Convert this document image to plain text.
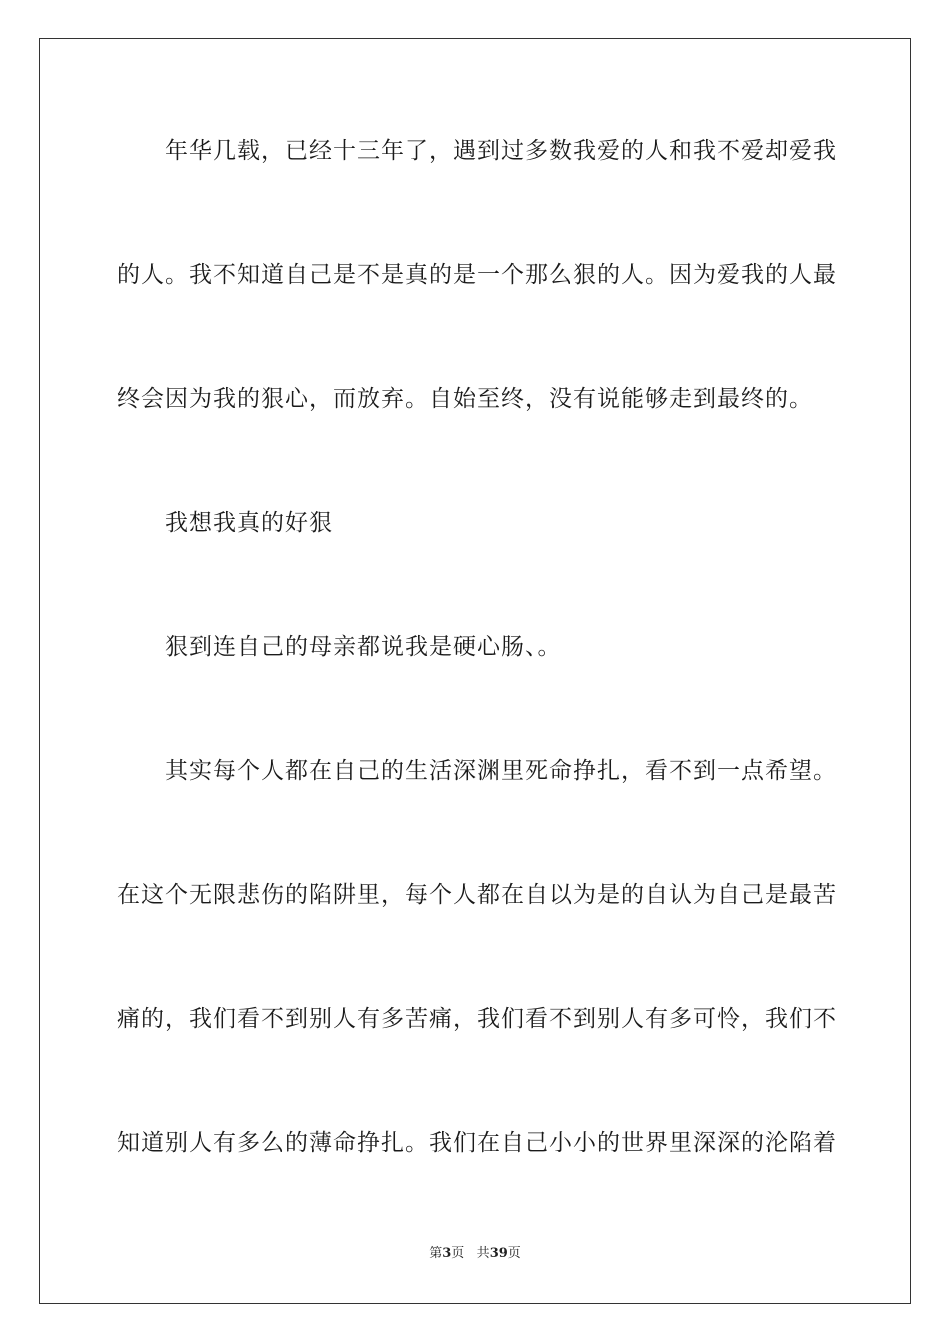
年华几载，已经十三年了，遇到过多数我爱的人和我不爱却爱我
的人。我不知道自己是不是真的是一个那么狠的人。因为爱我的人最
终会因为我的狠心，而放弃。自始至终，没有说能够走到最终的。
我想我真的好狠
狠到连自己的母亲都说我是硬心肠、。
其实每个人都在自己的生活深渊里死命挣扎，看不到一点希望。
在这个无限悲伤的陷阱里，每个人都在自以为是的自认为自己是最苦
痛的，我们看不到别人有多苦痛，我们看不到别人有多可怜，我们不
知道别人有多么的薄命挣扎。我们在自己小小的世界里深深的沦陷着
第3页 共39页
